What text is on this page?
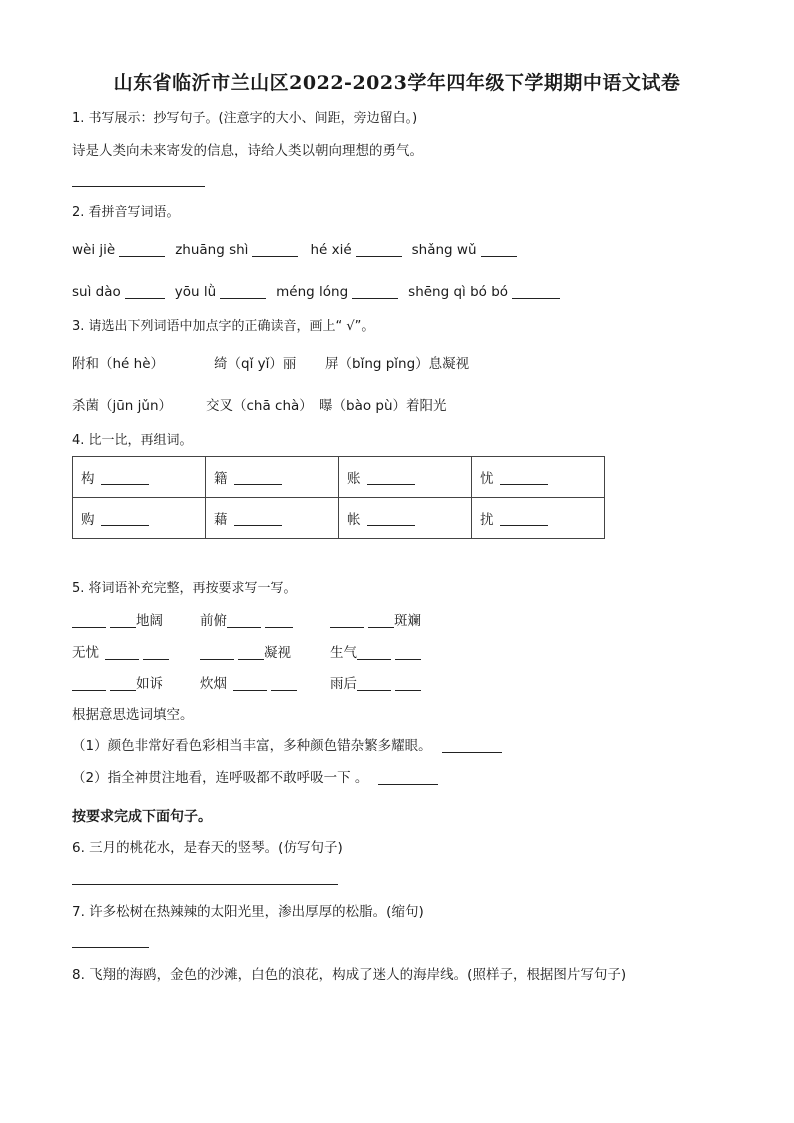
山东省临沂市兰山区2022-2023学年四年级下学期期中语文试卷
1. 书写展示：抄写句子。(注意字的大小、间距，旁边留白。)
诗是人类向未来寄发的信息，诗给人类以朝向理想的勇气。
2. 看拼音写词语。
wèi jiè	zhuāng shì	hé xié	shǎng wǔ
suì dào	yōu lǜ	méng lóng	shēng qì bó bó
3. 请选出下列词语中加点字的正确读音，画上“ √”。
附和（hé hè）	绮（qǐ yǐ）丽 屏（bǐng pǐng）息凝视
杀菌（jūn jǔn）	交叉（chā chà） 曝（bào pù）着阳光
4. 比一比，再组词。
构	籍	账	忧
购	藉	帐	扰
5. 将词语补充完整，再按要求写一写。
地阔	前俯	斑斓
无忧	凝视	生气
如诉	炊烟	雨后
根据意思选词填空。
（1）颜色非常好看色彩相当丰富，多种颜色错杂繁多耀眼。
（2）指全神贯注地看，连呼吸都不敢呼吸一下 。
按要求完成下面句子。
6. 三月的桃花水，是春天的竖琴。(仿写句子)
7. 许多松树在热辣辣的太阳光里，渗出厚厚的松脂。(缩句)
8. 飞翔的海鸥，金色的沙滩，白色的浪花，构成了迷人的海岸线。(照样子，根据图片写句子)
